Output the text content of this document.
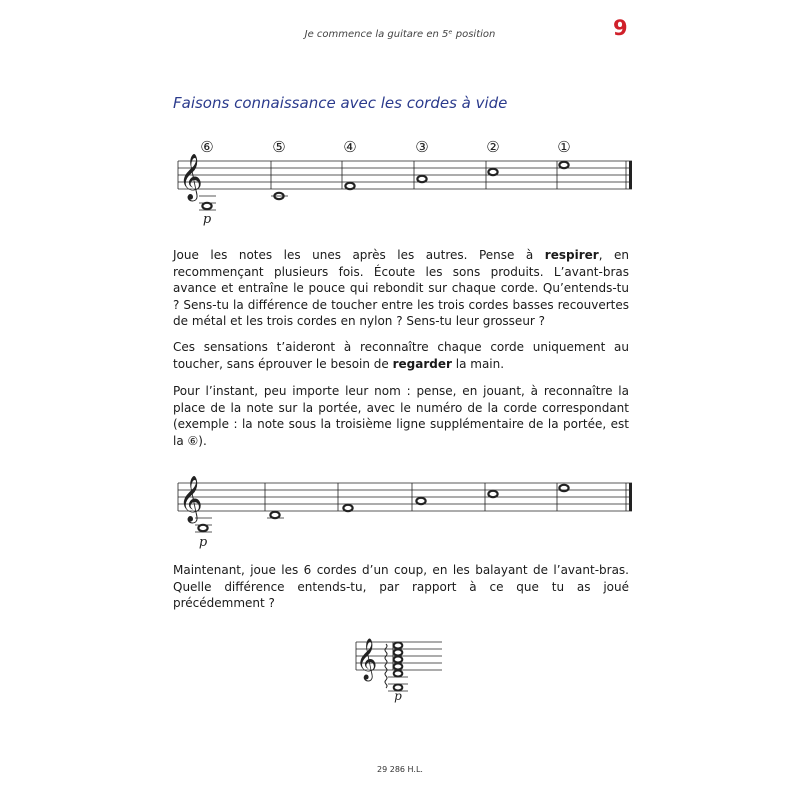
Je commence la guitare en 5ᵉ position	9
Faisons connaissance avec les cordes à vide
𝄞
⑥	⑤	④	③	②	①
p

Joue les notes les unes après les autres. Pense à respirer, en recommençant plusieurs fois. Écoute les sons produits. L’avant-bras avance et entraîne le pouce qui rebondit sur chaque corde. Qu’entends-tu ? Sens-tu la différence de toucher entre les trois cordes basses recouvertes de métal et les trois cordes en nylon ? Sens-tu leur grosseur ?

Ces sensations t’aideront à reconnaître chaque corde uniquement au toucher, sans éprouver le besoin de regarder la main.

Pour l’instant, peu importe leur nom : pense, en jouant, à reconnaître la place de la note sur la portée, avec le numéro de la corde correspondant (exemple : la note sous la troisième ligne supplémentaire de la portée, est la ⑥).

𝄞
p

Maintenant, joue les 6 cordes d’un coup, en les balayant de l’avant-bras. Quelle différence entends-tu, par rapport à ce que tu as joué précédemment ?

𝄞
p
29 286 H.L.
